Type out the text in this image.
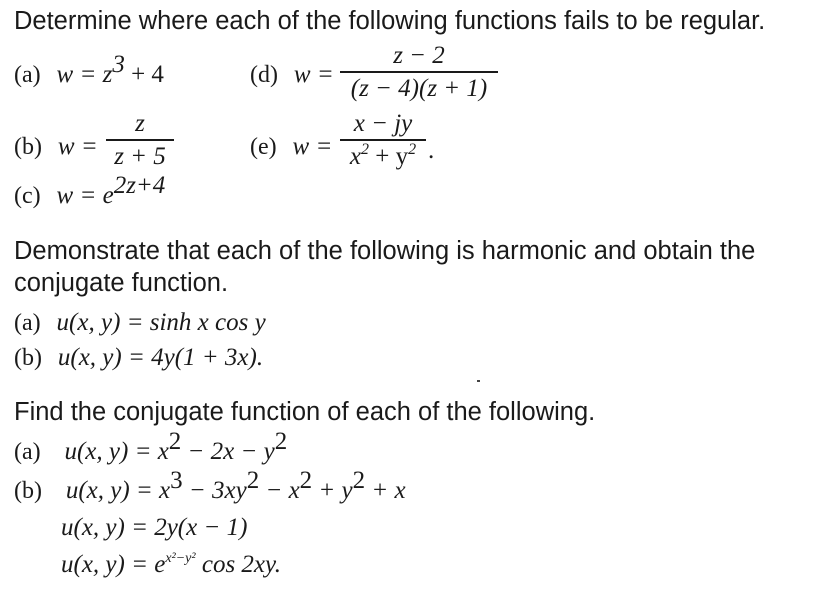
Determine where each of the following functions fails to be regular.
(a) $w = z^3 + 4$
(b) w =
z
z + 5
(c) $w = e^{2z+4}$
(d) w =
z − 2
(z − 4)(z + 1)
(e) w =
x − jy
$x^2 + y^2$ .
Demonstrate that each of the following is harmonic and obtain the
conjugate function.
(a) u(x, y) = sinh x cos y
(b) u(x, y) = 4y(1 + 3x).
Find the conjugate function of each of the following.
(a) u(x, $y) = x^2 - 2x - y^2$
(b) u(x, $y) = x^3 - 3xy^2 - x^2 + y^2 + x$
u(x, y) = 2y(x − 1)
u(x, $y) = e^{x^2-y^2}$ cos 2xy.
